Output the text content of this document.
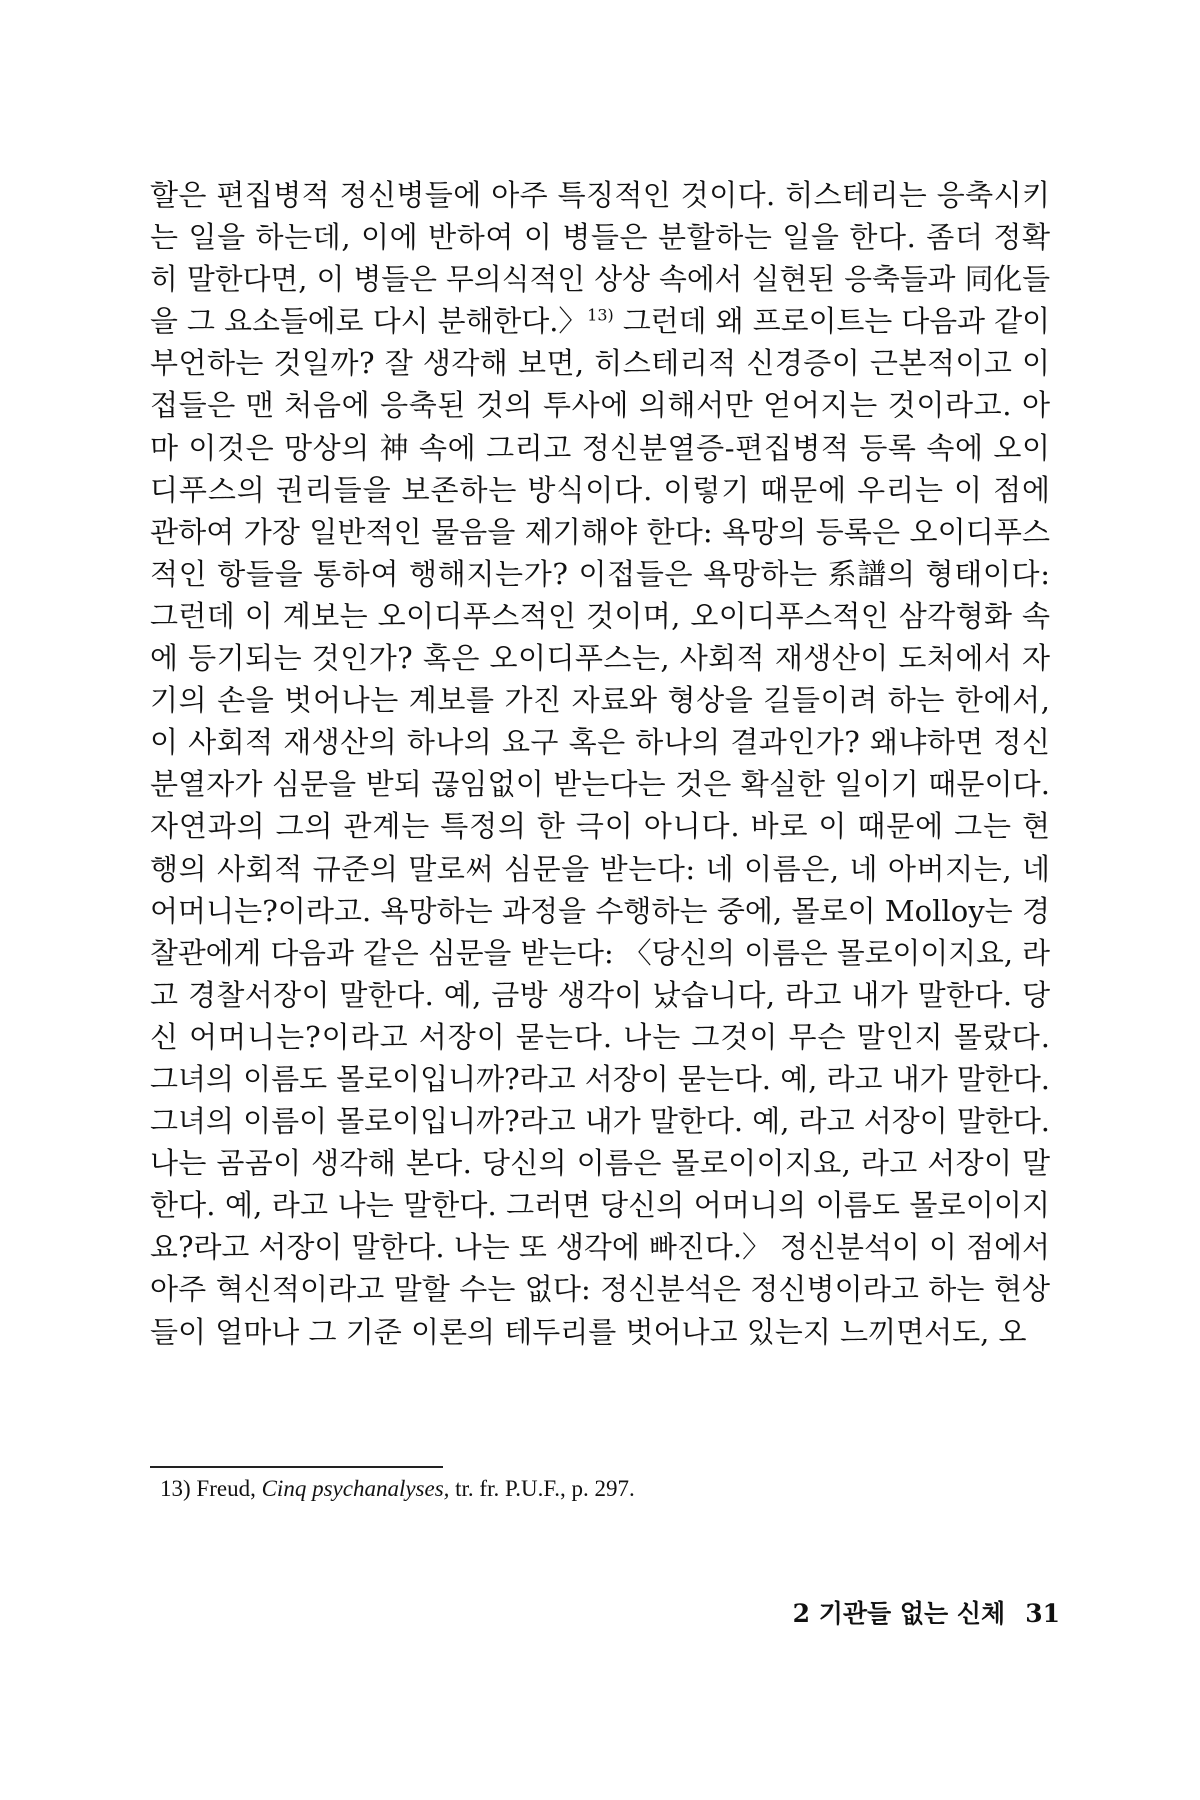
할은 편집병적 정신병들에 아주 특징적인 것이다. 히스테리는 응축시키
는 일을 하는데, 이에 반하여 이 병들은 분할하는 일을 한다. 좀더 정확
히 말한다면, 이 병들은 무의식적인 상상 속에서 실현된 응축들과 同化들
을 그 요소들에로 다시 분해한다.〉$^{13)}$ 그런데 왜 프로이트는 다음과 같이
부언하는 것일까? 잘 생각해 보면, 히스테리적 신경증이 근본적이고 이
접들은 맨 처음에 응축된 것의 투사에 의해서만 얻어지는 것이라고. 아
마 이것은 망상의 神 속에 그리고 정신분열증-편집병적 등록 속에 오이
디푸스의 권리들을 보존하는 방식이다. 이렇기 때문에 우리는 이 점에
관하여 가장 일반적인 물음을 제기해야 한다: 욕망의 등록은 오이디푸스
적인 항들을 통하여 행해지는가? 이접들은 욕망하는 系譜의 형태이다:
그런데 이 계보는 오이디푸스적인 것이며, 오이디푸스적인 삼각형화 속
에 등기되는 것인가? 혹은 오이디푸스는, 사회적 재생산이 도처에서 자
기의 손을 벗어나는 계보를 가진 자료와 형상을 길들이려 하는 한에서,
이 사회적 재생산의 하나의 요구 혹은 하나의 결과인가? 왜냐하면 정신
분열자가 심문을 받되 끊임없이 받는다는 것은 확실한 일이기 때문이다.
자연과의 그의 관계는 특정의 한 극이 아니다. 바로 이 때문에 그는 현
행의 사회적 규준의 말로써 심문을 받는다: 네 이름은, 네 아버지는, 네
어머니는?이라고. 욕망하는 과정을 수행하는 중에, 몰로이 Molloy는 경
찰관에게 다음과 같은 심문을 받는다: 〈당신의 이름은 몰로이이지요, 라
고 경찰서장이 말한다. 예, 금방 생각이 났습니다, 라고 내가 말한다. 당
신 어머니는?이라고 서장이 묻는다. 나는 그것이 무슨 말인지 몰랐다.
그녀의 이름도 몰로이입니까?라고 서장이 묻는다. 예, 라고 내가 말한다.
그녀의 이름이 몰로이입니까?라고 내가 말한다. 예, 라고 서장이 말한다.
나는 곰곰이 생각해 본다. 당신의 이름은 몰로이이지요, 라고 서장이 말
한다. 예, 라고 나는 말한다. 그러면 당신의 어머니의 이름도 몰로이이지
요?라고 서장이 말한다. 나는 또 생각에 빠진다.〉 정신분석이 이 점에서
아주 혁신적이라고 말할 수는 없다: 정신분석은 정신병이라고 하는 현상
들이 얼마나 그 기준 이론의 테두리를 벗어나고 있는지 느끼면서도, 오
13) Freud, Cinq psychanalyses, tr. fr. P.U.F., p. 297.
2 기관들 없는 신체 31
